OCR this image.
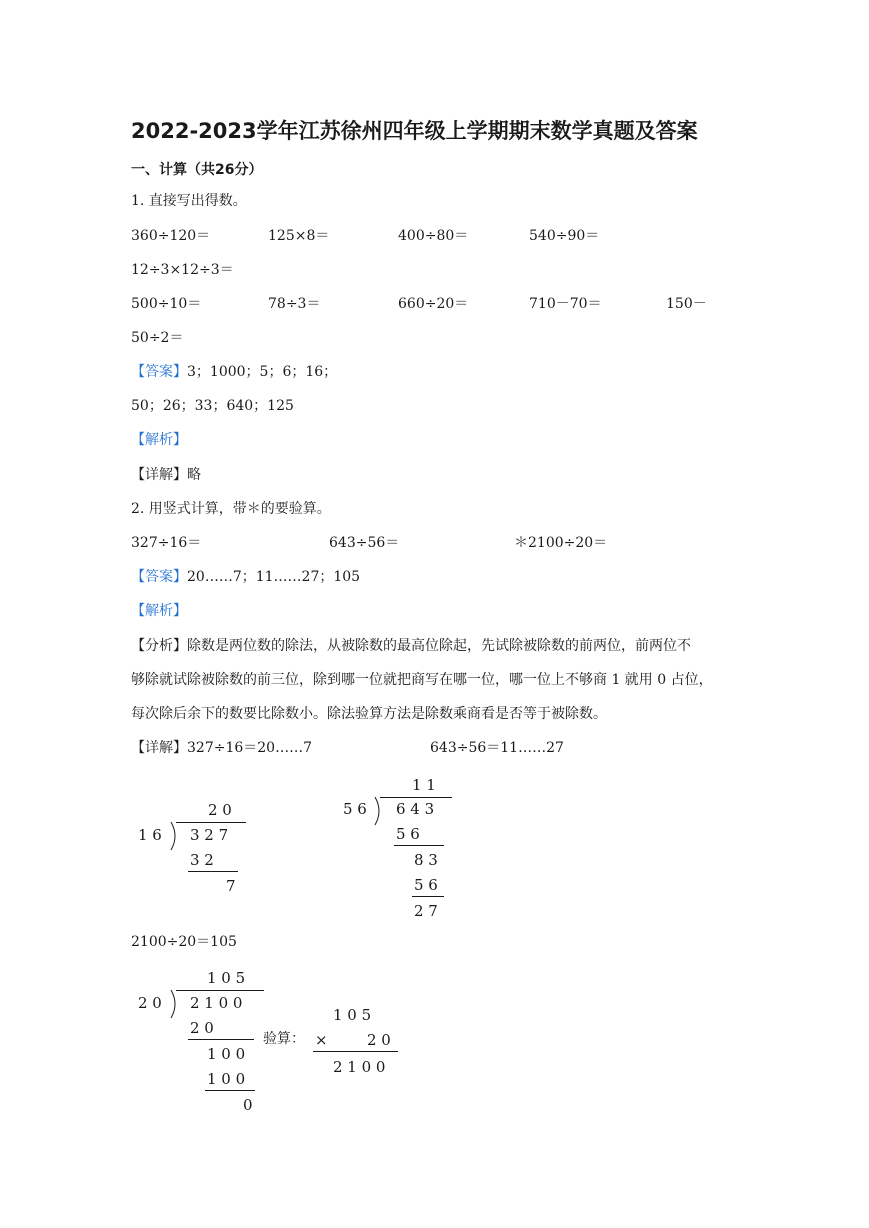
2022-2023学年江苏徐州四年级上学期期末数学真题及答案
一、计算（共26分）
1. 直接写出得数。
360÷120＝	125×8＝	400÷80＝	540÷90＝
12÷3×12÷3＝
500÷10＝	78÷3＝	660÷20＝	710－70＝	150－
50÷2＝
【答案】3；1000；5；6；16；
50；26；33；640；125
【解析】
【详解】略
2. 用竖式计算，带＊的要验算。
327÷16＝	643÷56＝	＊2100÷20＝
【答案】20……7；11……27；105
【解析】
【分析】除数是两位数的除法，从被除数的最高位除起，先试除被除数的前两位，前两位不
够除就试除被除数的前三位，除到哪一位就把商写在哪一位，哪一位上不够商 1 就用 0 占位，
每次除后余下的数要比除数小。除法验算方法是除数乘商看是否等于被除数。
【详解】327÷16＝20……7	643÷56＝11……27
2 0
1 6 3 2 7
3 2
7
1 1
5 6 6 4 3
5 6
8 3
5 6
2 7
2100÷20＝105
1 0 5
2 0 2 1 0 0
2 0
1 0 0
1 0 0
0
验算：
1 0 5
×	2 0
2 1 0 0
